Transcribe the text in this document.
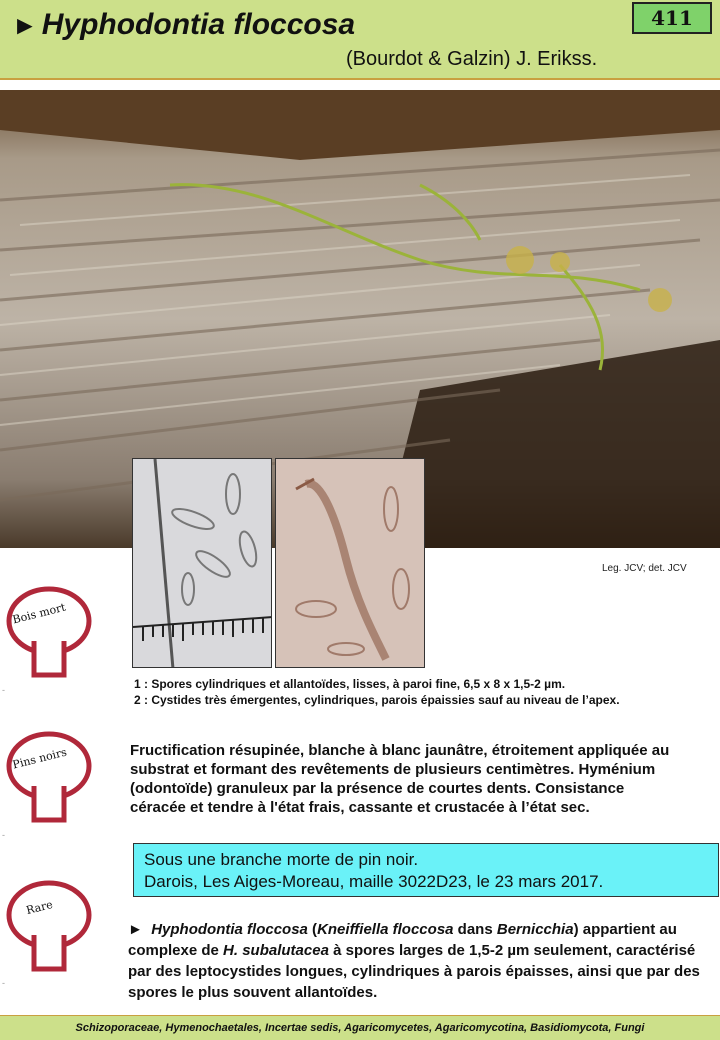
► Hyphodontia floccosa
(Bourdot & Galzin) J. Erikss.
411
Leg. JCV; det. JCV
Bois mort
Pins noirs
Rare
-
-
-
1 : Spores cylindriques et allantoïdes, lisses, à paroi fine, 6,5 x 8 x 1,5-2 µm.
2 : Cystides très émergentes, cylindriques, parois épaissies sauf au niveau de l’apex.
Fructification résupinée, blanche à blanc jaunâtre, étroitement appliquée au
substrat et formant des revêtements de plusieurs centimètres. Hyménium
(odontoïde) granuleux par la présence de courtes dents. Consistance
céracée et tendre à l'état frais, cassante et crustacée à l’état sec.
Sous une branche morte de pin noir.
Darois, Les Aiges-Moreau, maille 3022D23, le 23 mars 2017.
► Hyphodontia floccosa (Kneiffiella floccosa dans Bernicchia) appartient au complexe de H. subalutacea à spores larges de 1,5-2 µm seulement, caractérisé par des leptocystides longues, cylindriques à parois épaisses, ainsi que par des spores le plus souvent allantoïdes.
Schizoporaceae, Hymenochaetales, Incertae sedis, Agaricomycetes, Agaricomycotina, Basidiomycota, Fungi
